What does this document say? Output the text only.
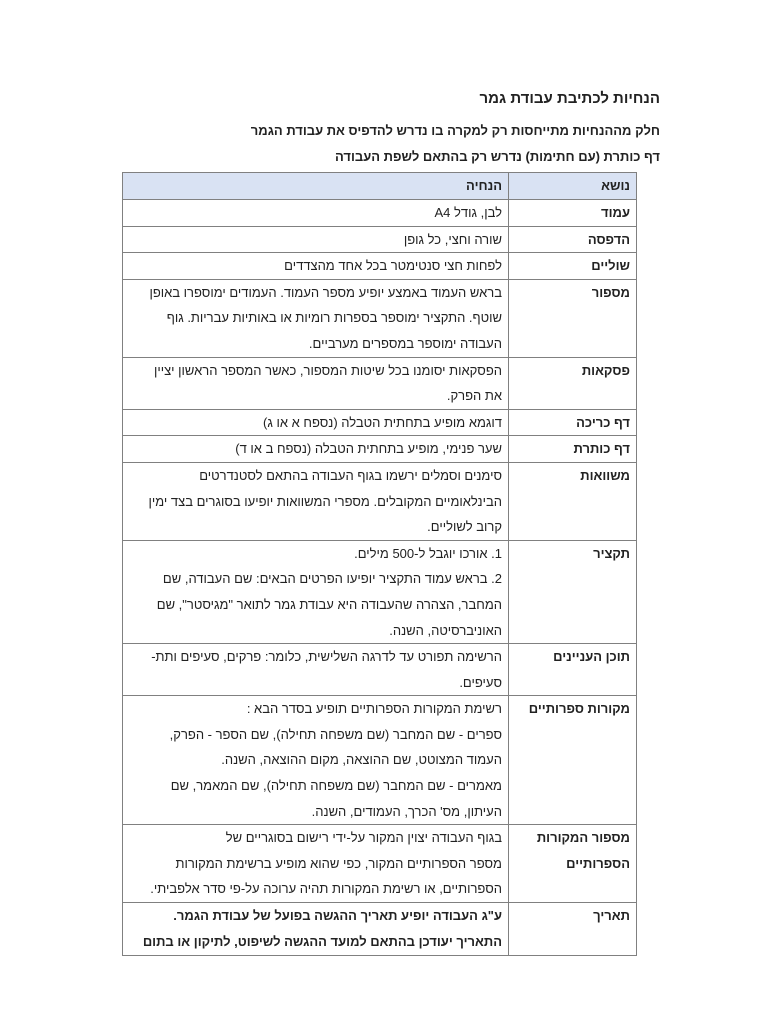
הנחיות לכתיבת עבודת גמר
חלק מההנחיות מתייחסות רק למקרה בו נדרש להדפיס את עבודת הגמר
דף כותרת (עם חתימות) נדרש רק בהתאם לשפת העבודה
נושא	הנחיה

עמוד	לבן, גודל A4

הדפסה	שורה וחצי, כל גופן

שוליים	לפחות חצי סנטימטר בכל אחד מהצדדים

מספור	בראש העמוד באמצע יופיע מספר העמוד. העמודים ימוספרו באופן
שוטף. התקציר ימוספר בספרות רומיות או באותיות עבריות. גוף
העבודה ימוספר במספרים מערביים.

פסקאות	הפסקאות יסומנו בכל שיטות המספור, כאשר המספר הראשון יציין
את הפרק.

דף כריכה	דוגמא מופיע בתחתית הטבלה (נספח א או ג)

דף כותרת	שער פנימי, מופיע בתחתית הטבלה (נספח ב או ד)

משוואות	סימנים וסמלים ירשמו בגוף העבודה בהתאם לסטנדרטים
הבינלאומיים המקובלים. מספרי המשוואות יופיעו בסוגרים בצד ימין
קרוב לשוליים.

תקציר	1. אורכו יוגבל ל-500 מילים.
2. בראש עמוד התקציר יופיעו הפרטים הבאים: שם העבודה, שם
המחבר, הצהרה שהעבודה היא עבודת גמר לתואר "מגיסטר", שם
האוניברסיטה, השנה.

תוכן העניינים	הרשימה תפורט עד לדרגה השלישית, כלומר: פרקים, סעיפים ותת-
סעיפים.

מקורות ספרותיים	רשימת המקורות הספרותיים תופיע בסדר הבא :
ספרים - שם המחבר (שם משפחה תחילה), שם הספר - הפרק,
העמוד המצוטט, שם ההוצאה, מקום ההוצאה, השנה.
מאמרים - שם המחבר (שם משפחה תחילה), שם המאמר, שם
העיתון, מס' הכרך, העמודים, השנה.

מספור המקורות
הספרותיים	בגוף העבודה יצוין המקור על-ידי רישום בסוגריים של
מספר הספרותיים המקור, כפי שהוא מופיע ברשימת המקורות
הספרותיים, או רשימת המקורות תהיה ערוכה על-פי סדר אלפביתי.

תאריך	ע"ג העבודה יופיע תאריך ההגשה בפועל של עבודת הגמר.
התאריך יעודכן בהתאם למועד ההגשה לשיפוט, לתיקון או בתום
